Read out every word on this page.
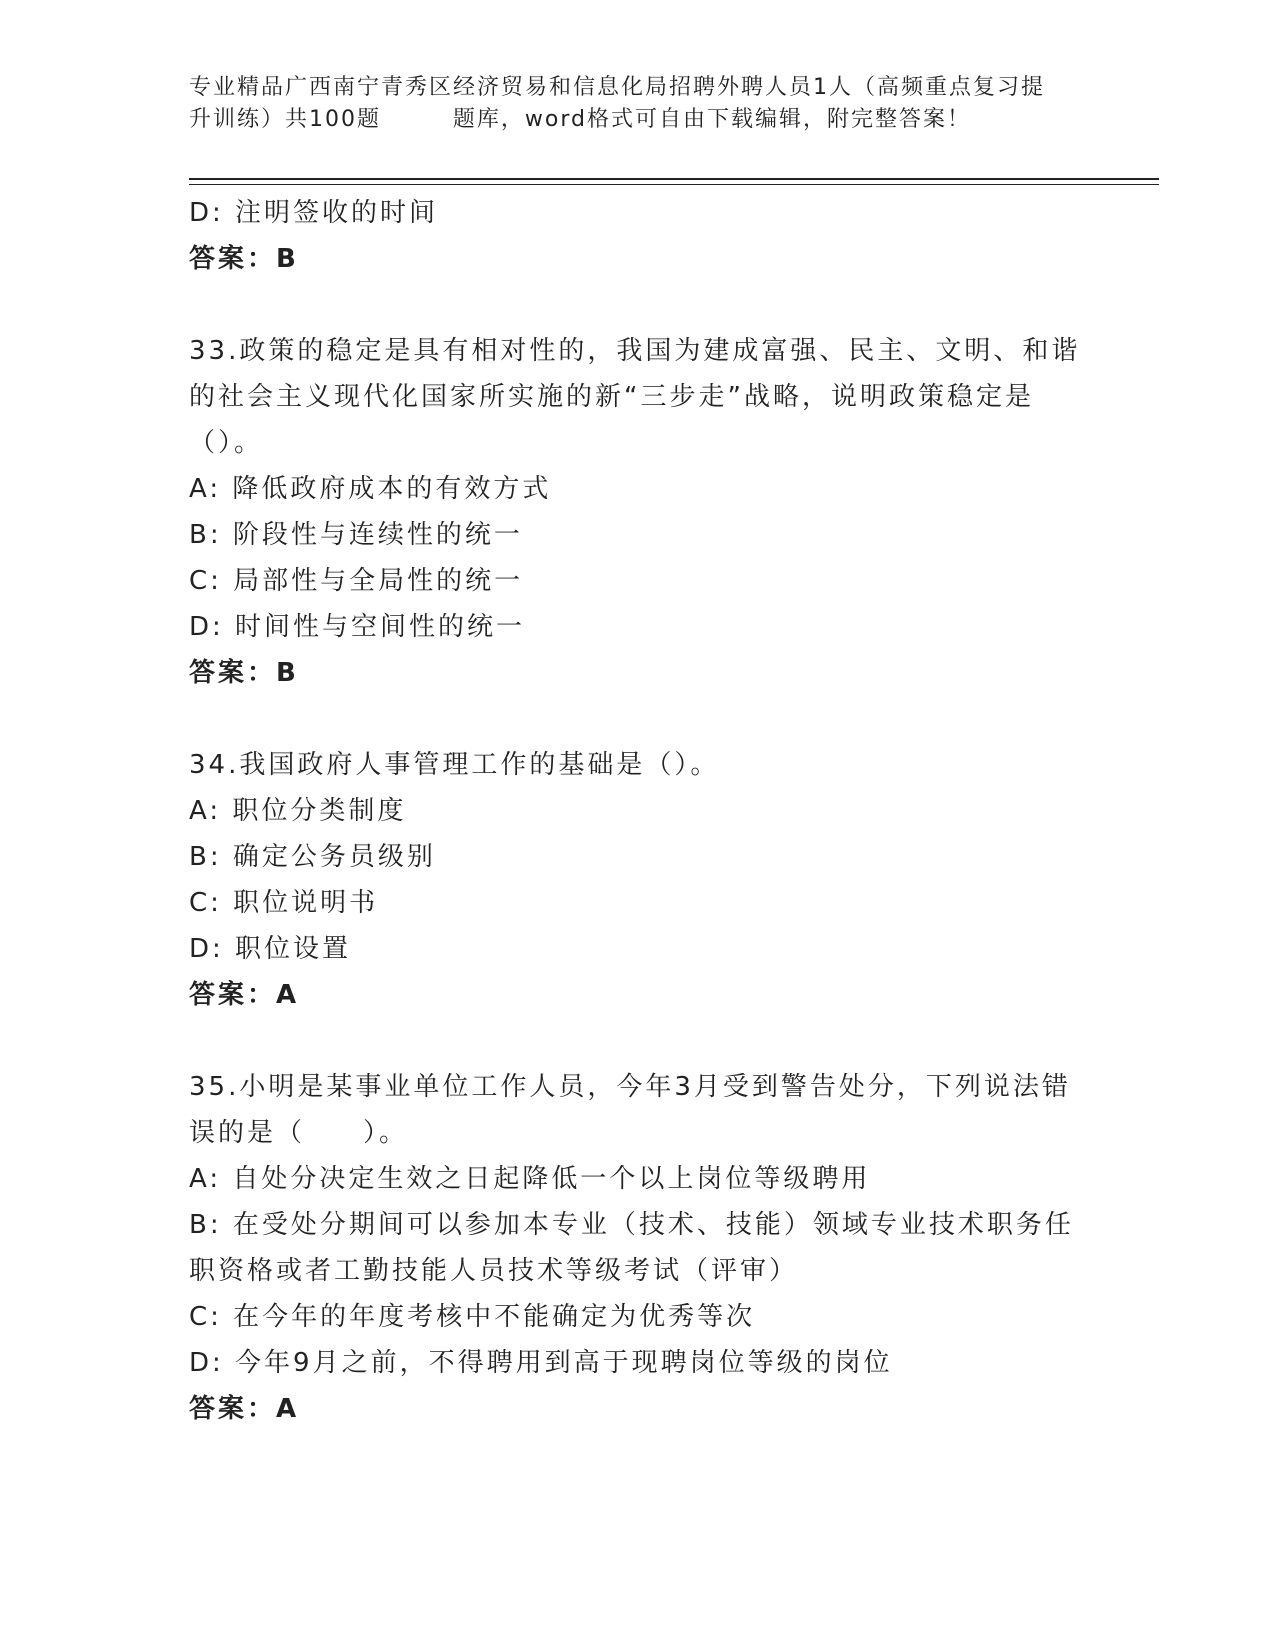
专业精品广西南宁青秀区经济贸易和信息化局招聘外聘人员1人（高频重点复习提
升训练）共100题        题库，word格式可自由下载编辑，附完整答案！
D: 注明签收的时间
答案：B
33.政策的稳定是具有相对性的，我国为建成富强、民主、文明、和谐
的社会主义现代化国家所实施的新“三步走”战略，说明政策稳定是
（）。
A: 降低政府成本的有效方式
B: 阶段性与连续性的统一
C: 局部性与全局性的统一
D: 时间性与空间性的统一
答案：B
34.我国政府人事管理工作的基础是（）。
A: 职位分类制度
B: 确定公务员级别
C: 职位说明书
D: 职位设置
答案：A
35.小明是某事业单位工作人员，今年3月受到警告处分，下列说法错
误的是（　　）。
A: 自处分决定生效之日起降低一个以上岗位等级聘用
B: 在受处分期间可以参加本专业（技术、技能）领域专业技术职务任
职资格或者工勤技能人员技术等级考试（评审）
C: 在今年的年度考核中不能确定为优秀等次
D: 今年9月之前，不得聘用到高于现聘岗位等级的岗位
答案：A
